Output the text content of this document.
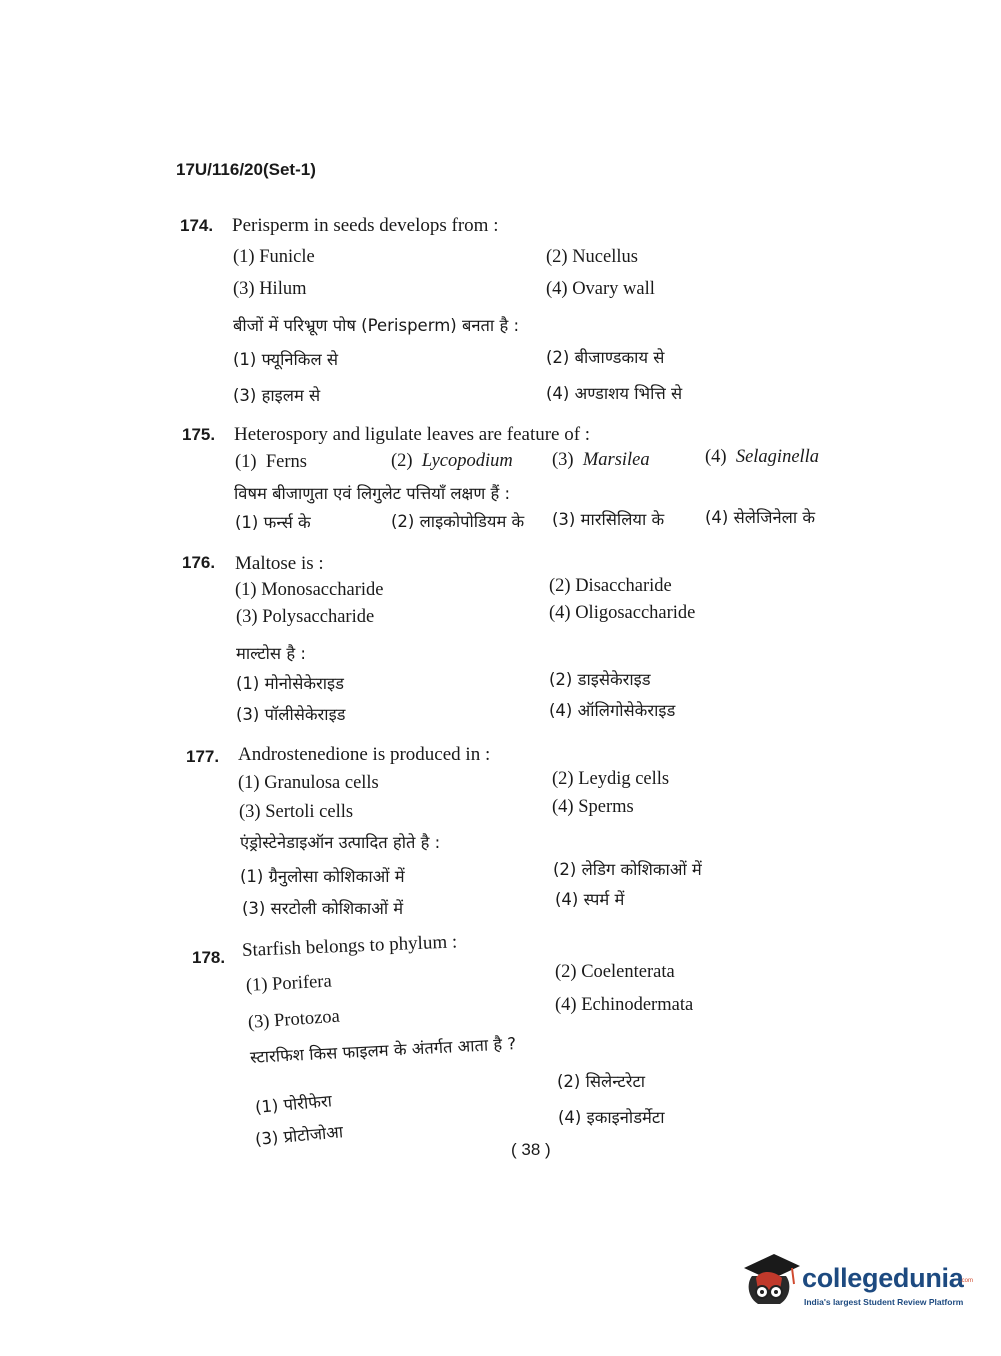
17U/116/20(Set-1)
174. Perisperm in seeds develops from :
(1) Funicle	(2) Nucellus
(3) Hilum	(4) Ovary wall
बीजों में परिभ्रूण पोष (Perisperm) बनता है :
(1) फ्यूनिकिल से	(2) बीजाण्डकाय से
(3) हाइलम से	(4) अण्डाशय भित्ति से
175. Heterospory and ligulate leaves are feature of :
(1) Ferns	(2) Lycopodium (3) Marsilea	(4) Selaginella
विषम बीजाणुता एवं लिगुलेट पत्तियाँ लक्षण हैं :
(1) फर्न्स के	(2) लाइकोपोडियम के (3) मारसिलिया के (4) सेलेजिनेला के
176. Maltose is :
(1) Monosaccharide	(2) Disaccharide
(3) Polysaccharide	(4) Oligosaccharide
माल्टोस है :
(1) मोनोसेकेराइड	(2) डाइसेकेराइड
(3) पॉलीसेकेराइड	(4) ऑलिगोसेकेराइड
177. Androstenedione is produced in :
(1) Granulosa cells	(2) Leydig cells
(3) Sertoli cells	(4) Sperms
एंड्रोस्टेनेडाइऑन उत्पादित होते है :
(1) ग्रैनुलोसा कोशिकाओं में	(2) लेडिग कोशिकाओं में
(3) सरटोली कोशिकाओं में	(4) स्पर्म में
178. Starfish belongs to phylum :
(1) Porifera	(2) Coelenterata
(3) Protozoa
(4) Echinodermata
स्टारफिश किस फाइलम के अंतर्गत आता है ?
(1) पोरीफेरा
(2) सिलेन्टरेटा
(3) प्रोटोजोआ
(4) इकाइनोडर्मेटा
( 38 )
collegedunia
.com
India's largest Student Review Platform
